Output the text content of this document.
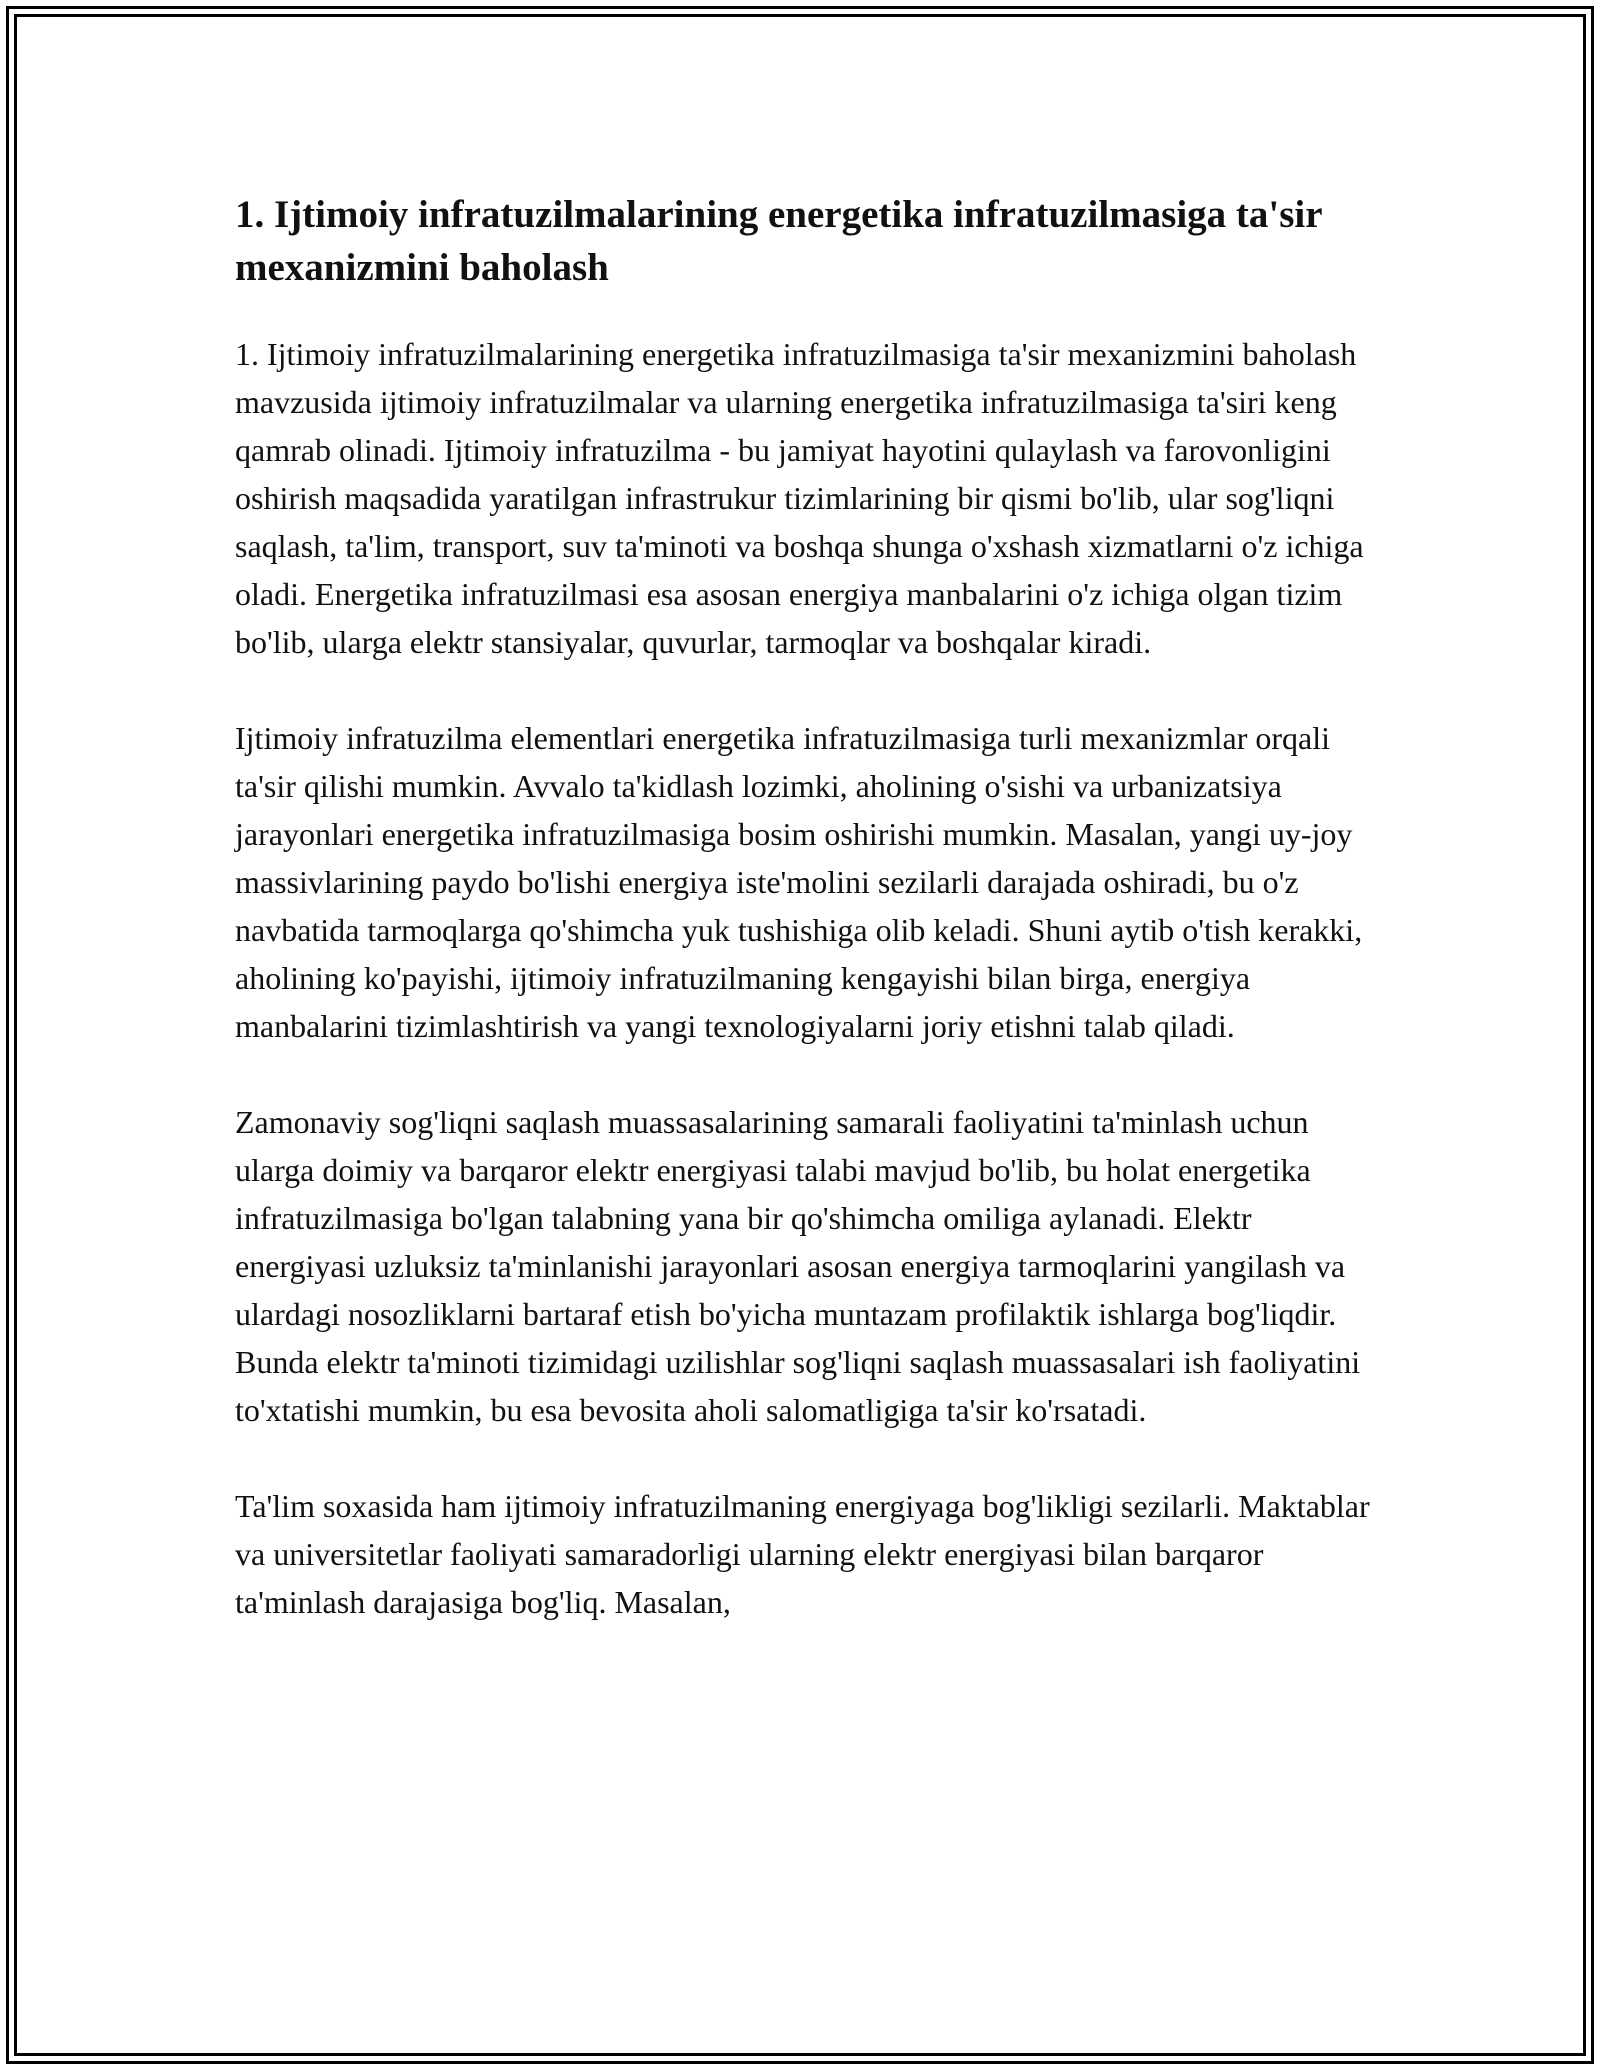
1. Ijtimoiy infratuzilmalarining energetika infratuzilmasiga ta'sir mexanizmini baholash

1. Ijtimoiy infratuzilmalarining energetika infratuzilmasiga ta'sir mexanizmini baholash mavzusida ijtimoiy infratuzilmalar va ularning energetika infratuzilmasiga ta'siri keng qamrab olinadi. Ijtimoiy infratuzilma - bu jamiyat hayotini qulaylash va farovonligini oshirish maqsadida yaratilgan infrastrukur tizimlarining bir qismi bo'lib, ular sog'liqni saqlash, ta'lim, transport, suv ta'minoti va boshqa shunga o'xshash xizmatlarni o'z ichiga oladi. Energetika infratuzilmasi esa asosan energiya manbalarini o'z ichiga olgan tizim bo'lib, ularga elektr stansiyalar, quvurlar, tarmoqlar va boshqalar kiradi.

Ijtimoiy infratuzilma elementlari energetika infratuzilmasiga turli mexanizmlar orqali ta'sir qilishi mumkin. Avvalo ta'kidlash lozimki, aholining o'sishi va urbanizatsiya jarayonlari energetika infratuzilmasiga bosim oshirishi mumkin. Masalan, yangi uy-joy massivlarining paydo bo'lishi energiya iste'molini sezilarli darajada oshiradi, bu o'z navbatida tarmoqlarga qo'shimcha yuk tushishiga olib keladi. Shuni aytib o'tish kerakki, aholining ko'payishi, ijtimoiy infratuzilmaning kengayishi bilan birga, energiya manbalarini tizimlashtirish va yangi texnologiyalarni joriy etishni talab qiladi.

Zamonaviy sog'liqni saqlash muassasalarining samarali faoliyatini ta'minlash uchun ularga doimiy va barqaror elektr energiyasi talabi mavjud bo'lib, bu holat energetika infratuzilmasiga bo'lgan talabning yana bir qo'shimcha omiliga aylanadi. Elektr energiyasi uzluksiz ta'minlanishi jarayonlari asosan energiya tarmoqlarini yangilash va ulardagi nosozliklarni bartaraf etish bo'yicha muntazam profilaktik ishlarga bog'liqdir. Bunda elektr ta'minoti tizimidagi uzilishlar sog'liqni saqlash muassasalari ish faoliyatini to'xtatishi mumkin, bu esa bevosita aholi salomatligiga ta'sir ko'rsatadi.

Ta'lim soxasida ham ijtimoiy infratuzilmaning energiyaga bog'likligi sezilarli. Maktablar va universitetlar faoliyati samaradorligi ularning elektr energiyasi bilan barqaror ta'minlash darajasiga bog'liq. Masalan,
